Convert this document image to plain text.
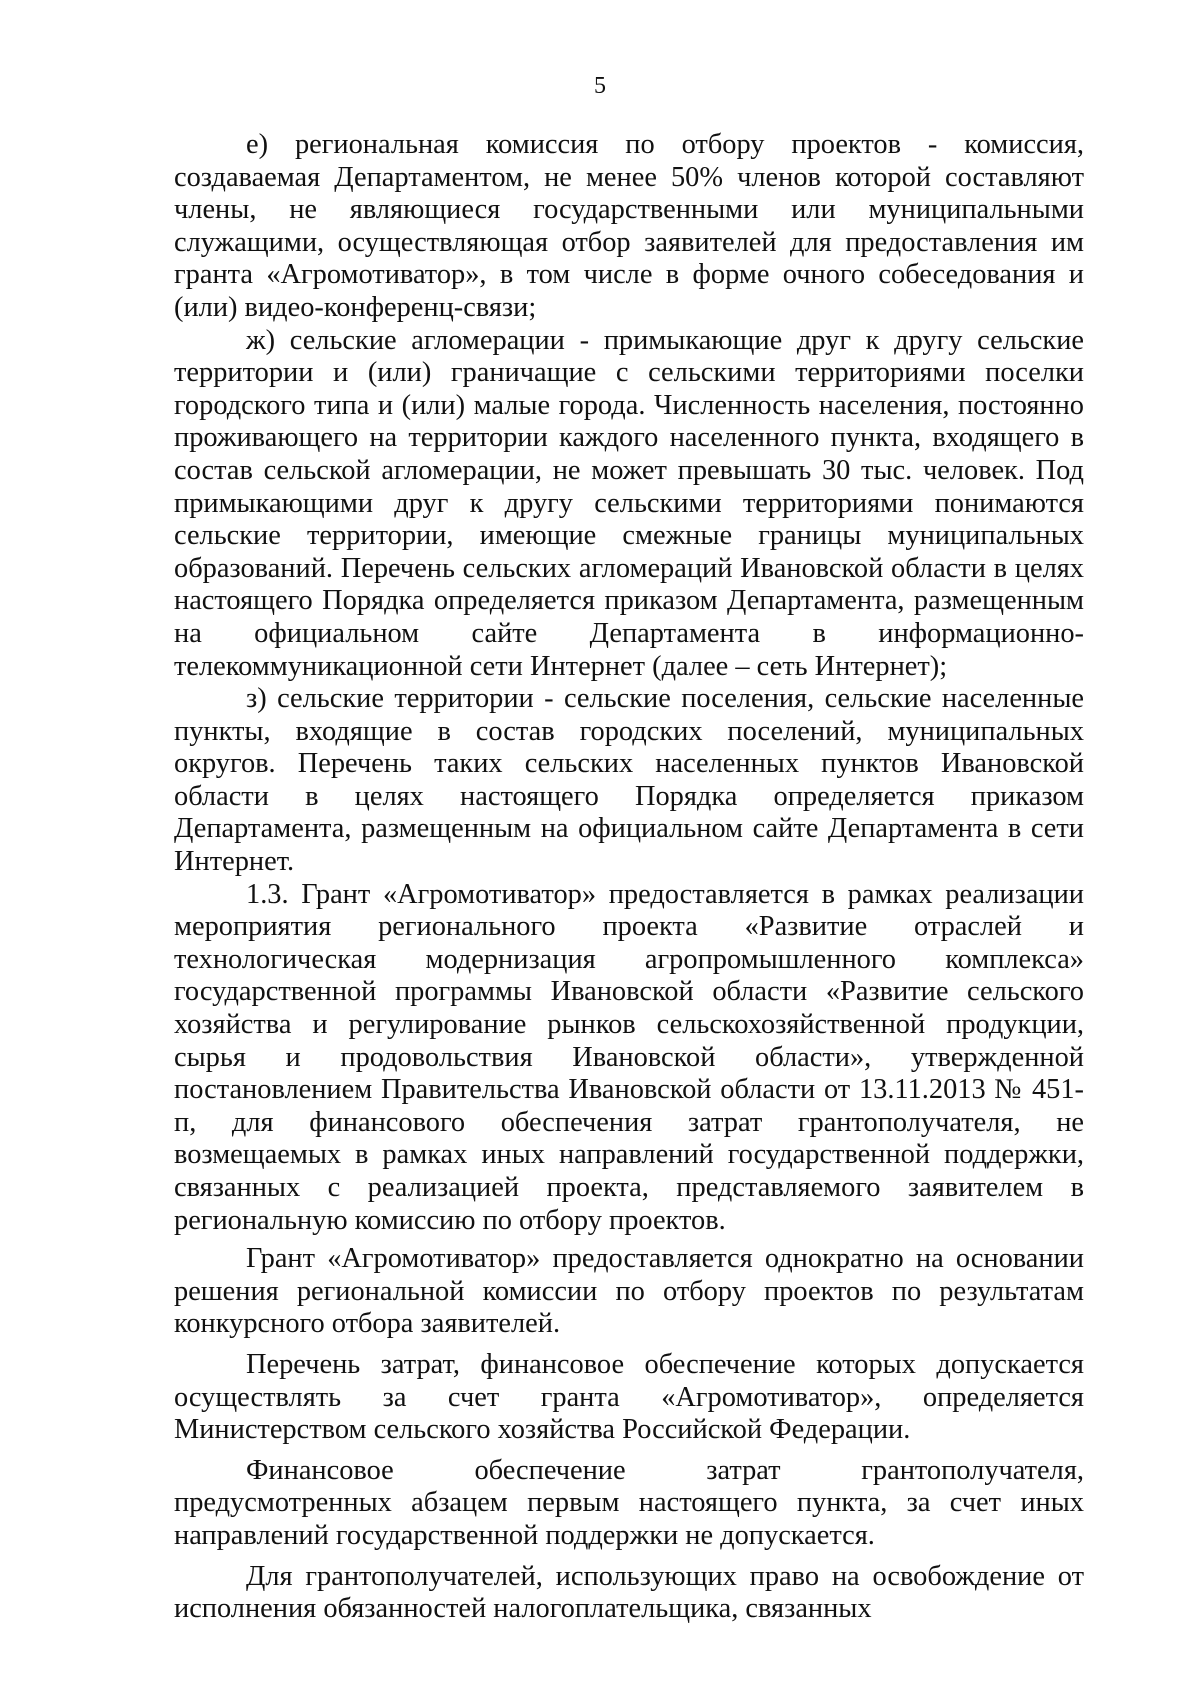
5

е) региональная комиссия по отбору проектов - комиссия, создаваемая Департаментом, не менее 50% членов которой составляют члены, не являющиеся государственными или муниципальными служащими, осуществляющая отбор заявителей для предоставления им гранта «Агромотиватор», в том числе в форме очного собеседования и (или) видео-конференц-связи;

ж) сельские агломерации - примыкающие друг к другу сельские территории и (или) граничащие с сельскими территориями поселки городского типа и (или) малые города. Численность населения, постоянно проживающего на территории каждого населенного пункта, входящего в состав сельской агломерации, не может превышать 30 тыс. человек. Под примыкающими друг к другу сельскими территориями понимаются сельские территории, имеющие смежные границы муниципальных образований. Перечень сельских агломераций Ивановской области в целях настоящего Порядка определяется приказом Департамента, размещенным на официальном сайте Департамента в информационно-телекоммуникационной сети Интернет (далее – сеть Интернет);

з) сельские территории - сельские поселения, сельские населенные пункты, входящие в состав городских поселений, муниципальных округов. Перечень таких сельских населенных пунктов Ивановской области в целях настоящего Порядка определяется приказом Департамента, размещенным на официальном сайте Департамента в сети Интернет.

1.3. Грант «Агромотиватор» предоставляется в рамках реализации мероприятия регионального проекта «Развитие отраслей и технологическая модернизация агропромышленного комплекса» государственной программы Ивановской области «Развитие сельского хозяйства и регулирование рынков сельскохозяйственной продукции, сырья и продовольствия Ивановской области», утвержденной постановлением Правительства Ивановской области от 13.11.2013 № 451-п, для финансового обеспечения затрат грантополучателя, не возмещаемых в рамках иных направлений государственной поддержки, связанных с реализацией проекта, представляемого заявителем в региональную комиссию по отбору проектов.

Грант «Агромотиватор» предоставляется однократно на основании решения региональной комиссии по отбору проектов по результатам конкурсного отбора заявителей.

Перечень затрат, финансовое обеспечение которых допускается осуществлять за счет гранта «Агромотиватор», определяется Министерством сельского хозяйства Российской Федерации.

Финансовое обеспечение затрат грантополучателя, предусмотренных абзацем первым настоящего пункта, за счет иных направлений государственной поддержки не допускается.

Для грантополучателей, использующих право на освобождение от исполнения обязанностей налогоплательщика, связанных
